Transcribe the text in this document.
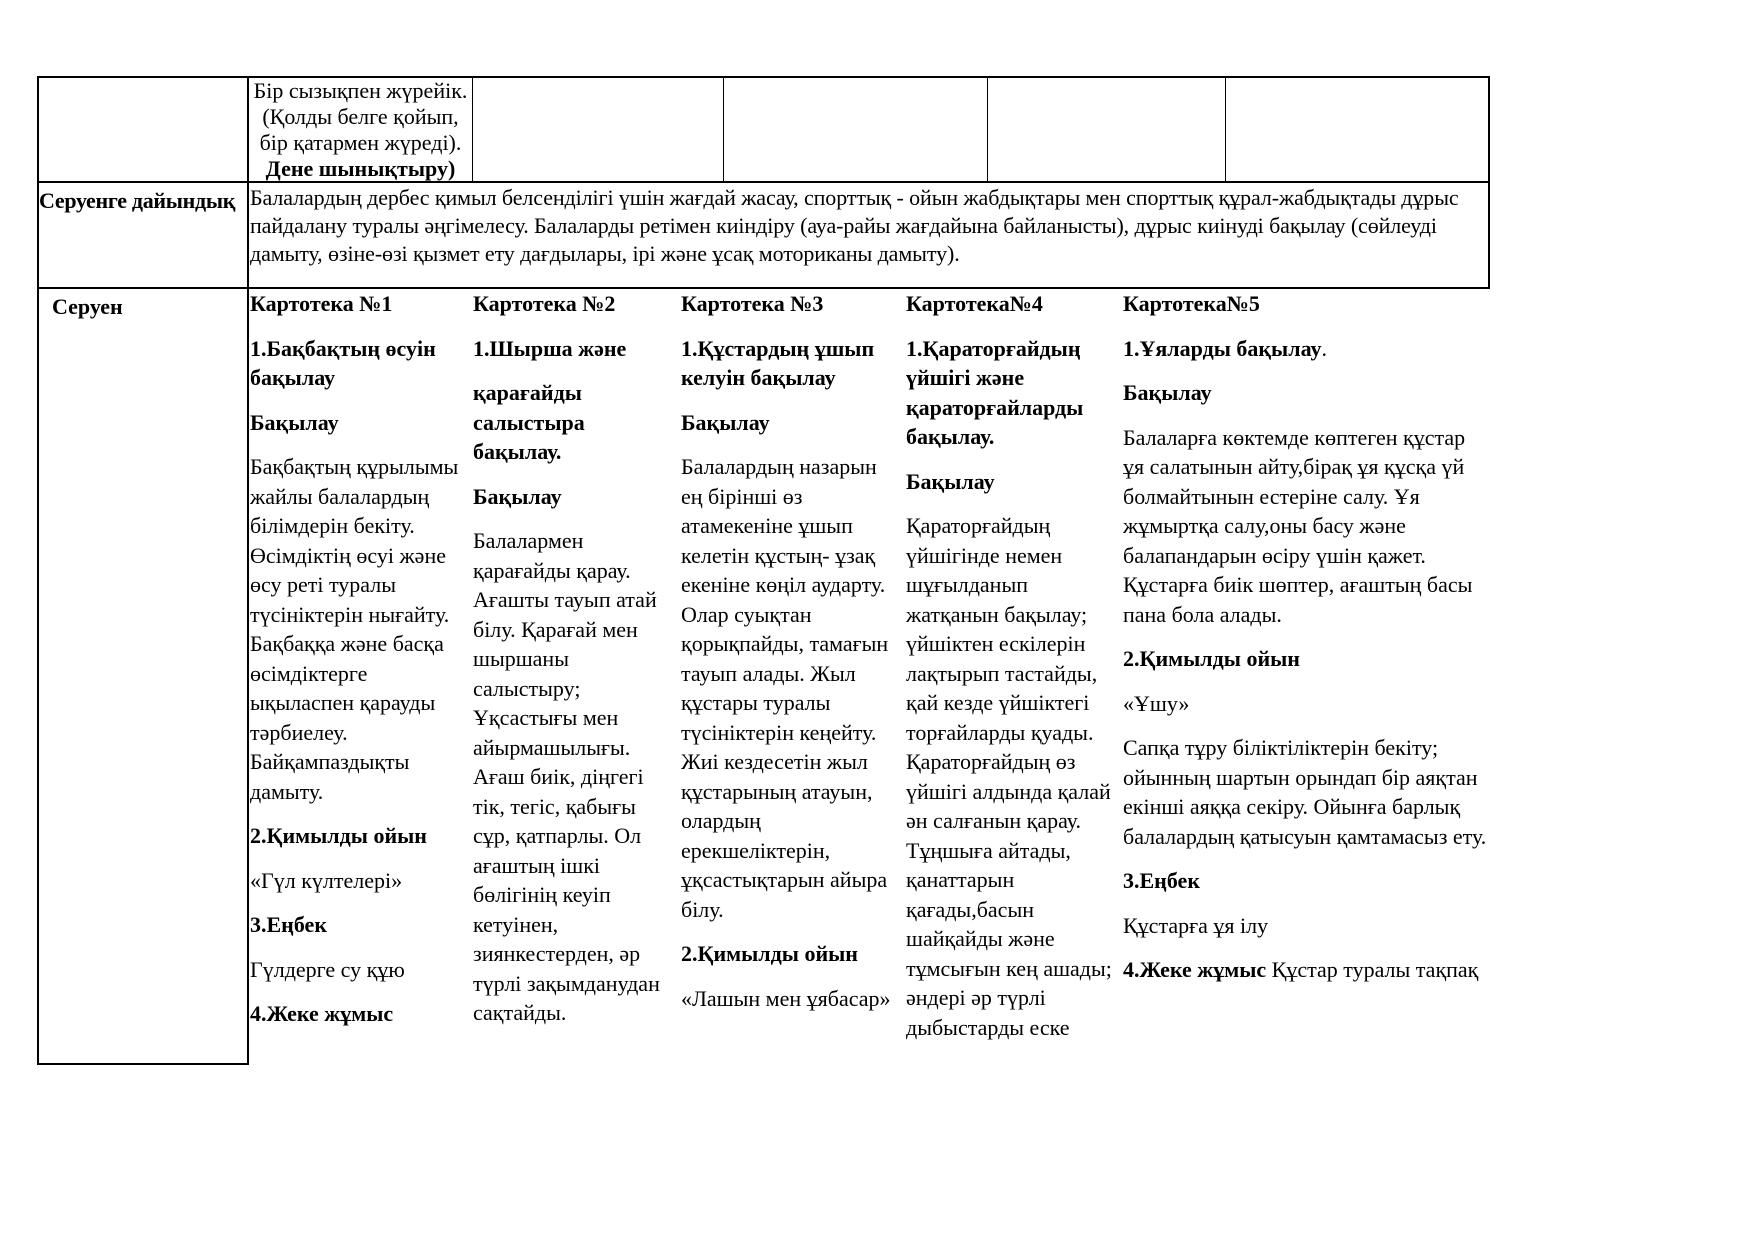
Бір сызықпен жүрейік.
(Қолды белге қойып,
бір қатармен жүреді).
Дене шынықтыру)
Серуенге дайындық Балалардың дербес қимыл белсенділігі үшін жағдай жасау, спорттық - ойын жабдықтары мен спорттық құрал-жабдықтады дұрыс пайдалану туралы әңгімелесу. Балаларды ретімен киіндіру (ауа-райы жағдайына байланысты), дұрыс киінуді бақылау (сөйлеуді дамыту, өзіне-өзі қызмет ету дағдылары, ірі және ұсақ моториканы дамыту).
Серуен	Картотека №1

1.Бақбақтың өсуін бақылау

Бақылау

Бақбақтың құрылымы жайлы балалардың білімдерін бекіту. Өсімдіктің өсуі және өсу реті туралы түсініктерін нығайту. Бақбаққа және басқа өсімдіктерге ықыласпен қарауды тәрбиелеу. Байқампаздықты дамыту.

2.Қимылды ойын

«Гүл күлтелері»

3.Еңбек

Гүлдерге су құю

4.Жеке жұмыс

Картотека №2

1.Шырша және

қарағайды салыстыра бақылау.

Бақылау

Балалармен қарағайды қарау. Ағашты тауып атай білу. Қарағай мен шыршаны салыстыру; Ұқсастығы мен айырмашылығы. Ағаш биік, діңгегі тік, тегіс, қабығы сұр, қатпарлы. Ол ағаштың ішкі бөлігінің кеуіп кетуінен, зиянкестерден, әр түрлі зақымданудан сақтайды.

Картотека №3

1.Құстардың ұшып келуін бақылау

Бақылау

Балалардың назарын ең бірінші өз атамекеніне ұшып келетін құстың- ұзақ екеніне көңіл аударту. Олар суықтан қорықпайды, тамағын тауып алады. Жыл құстары туралы түсініктерін кеңейту. Жиі кездесетін жыл құстарының атауын, олардың ерекшеліктерін, ұқсастықтарын айыра білу.

2.Қимылды ойын

«Лашын мен ұябасар»

Картотека№4

1.Қараторғайдың үйшігі және қараторғайларды бақылау.

Бақылау

Қараторғайдың үйшігінде немен шұғылданып жатқанын бақылау; үйшіктен ескілерін лақтырып тастайды, қай кезде үйшіктегі торғайларды қуады. Қараторғайдың өз үйшігі алдында қалай ән салғанын қарау. Тұңшыға айтады, қанаттарын қағады,басын шайқайды және тұмсығын кең ашады; әндері әр түрлі дыбыстарды еске

Картотека№5

1.Ұяларды бақылау.

Бақылау

Балаларға көктемде көптеген құстар ұя салатынын айту,бірақ ұя құсқа үй болмайтынын естеріне салу. Ұя жұмыртқа салу,оны басу және балапандарын өсіру үшін қажет. Құстарға биік шөптер, ағаштың басы пана бола алады.

2.Қимылды ойын

«Ұшу»

Сапқа тұру біліктіліктерін бекіту; ойынның шартын орындап бір аяқтан екінші аяққа секіру. Ойынға барлық балалардың қатысуын қамтамасыз ету.

3.Еңбек

Құстарға ұя ілу

4.Жеке жұмыс Құстар туралы тақпақ
